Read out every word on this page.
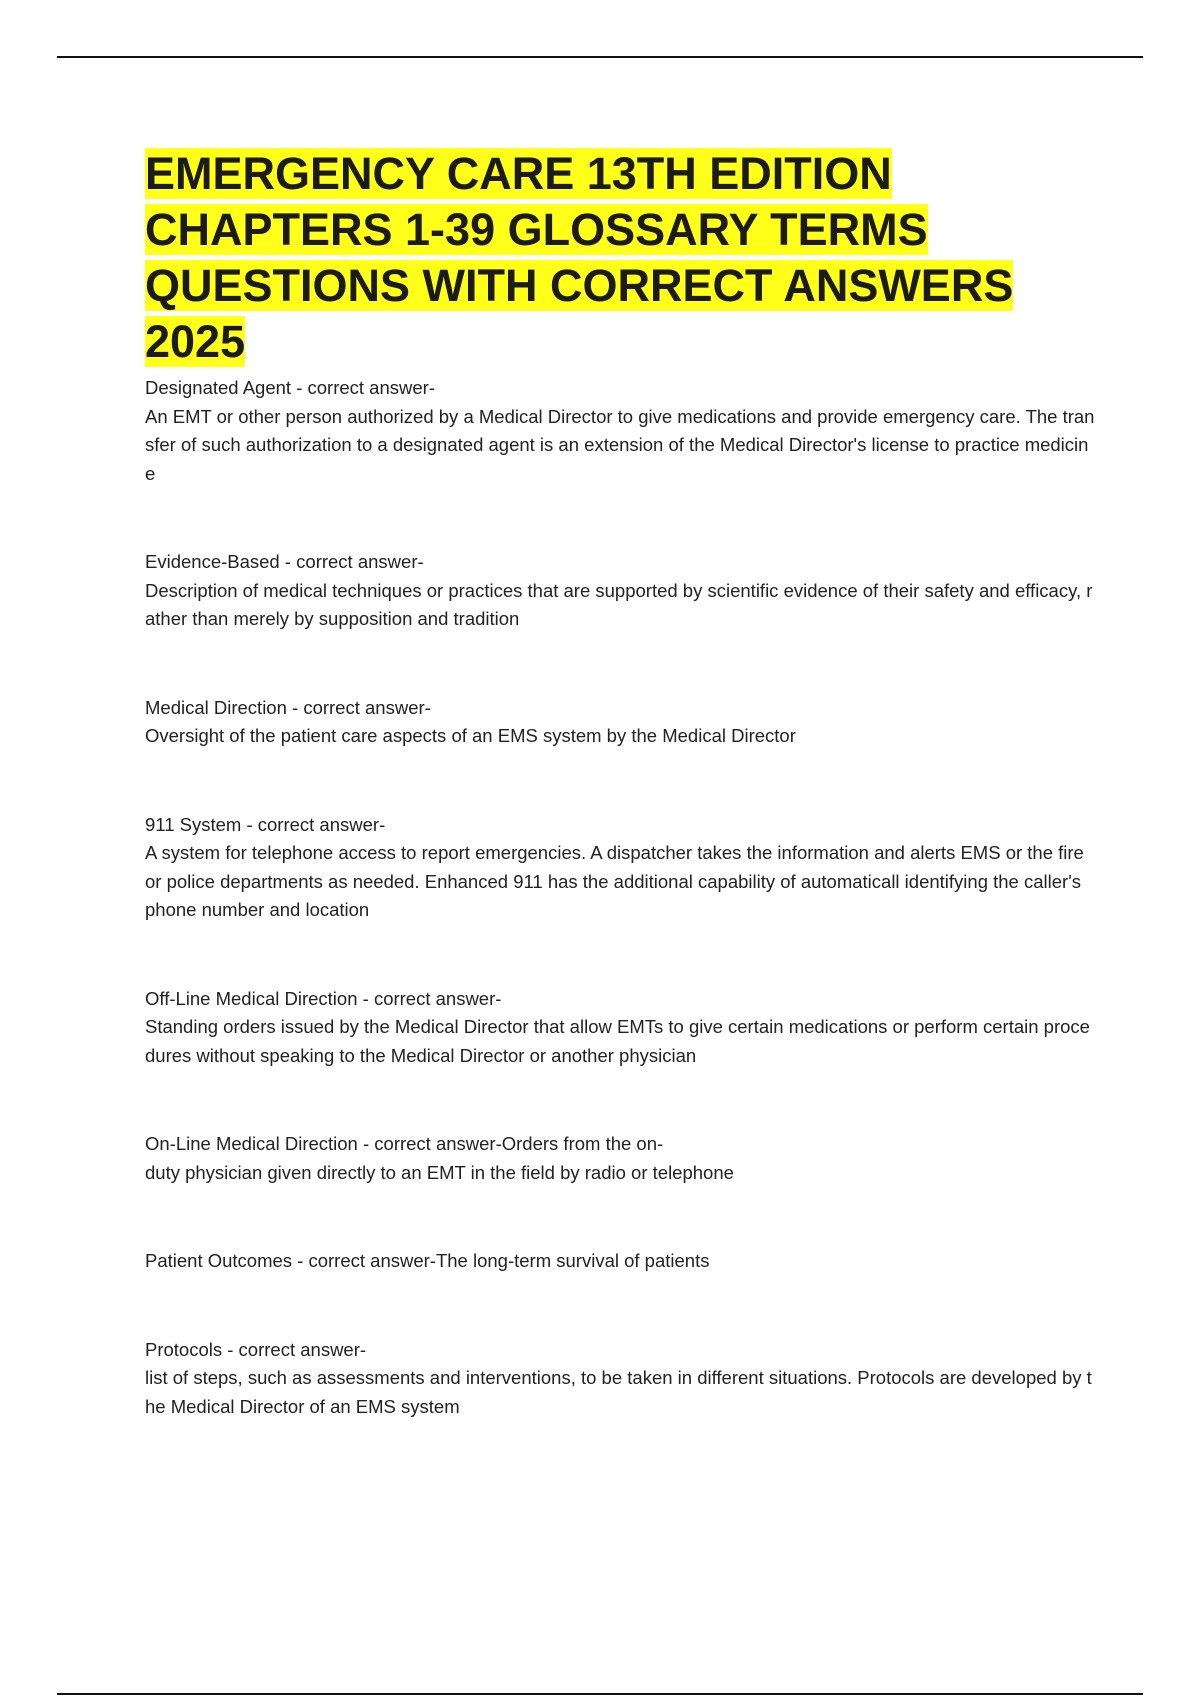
EMERGENCY CARE 13TH EDITION CHAPTERS 1-39 GLOSSARY TERMS QUESTIONS WITH CORRECT ANSWERS 2025

Designated Agent - correct answer-

An EMT or other person authorized by a Medical Director to give medications and provide emergency care. The transfer of such authorization to a designated agent is an extension of the Medical Director's license to practice medicine

Evidence-Based - correct answer-

Description of medical techniques or practices that are supported by scientific evidence of their safety and efficacy, rather than merely by supposition and tradition

Medical Direction - correct answer-

Oversight of the patient care aspects of an EMS system by the Medical Director

911 System - correct answer-

A system for telephone access to report emergencies. A dispatcher takes the information and alerts EMS or the fire or police departments as needed. Enhanced 911 has the additional capability of automaticall identifying the caller's phone number and location

Off-Line Medical Direction - correct answer-

Standing orders issued by the Medical Director that allow EMTs to give certain medications or perform certain procedures without speaking to the Medical Director or another physician

On-Line Medical Direction - correct answer-Orders from the on-

duty physician given directly to an EMT in the field by radio or telephone

Patient Outcomes - correct answer-The long-term survival of patients

Protocols - correct answer-

list of steps, such as assessments and interventions, to be taken in different situations. Protocols are developed by the Medical Director of an EMS system
